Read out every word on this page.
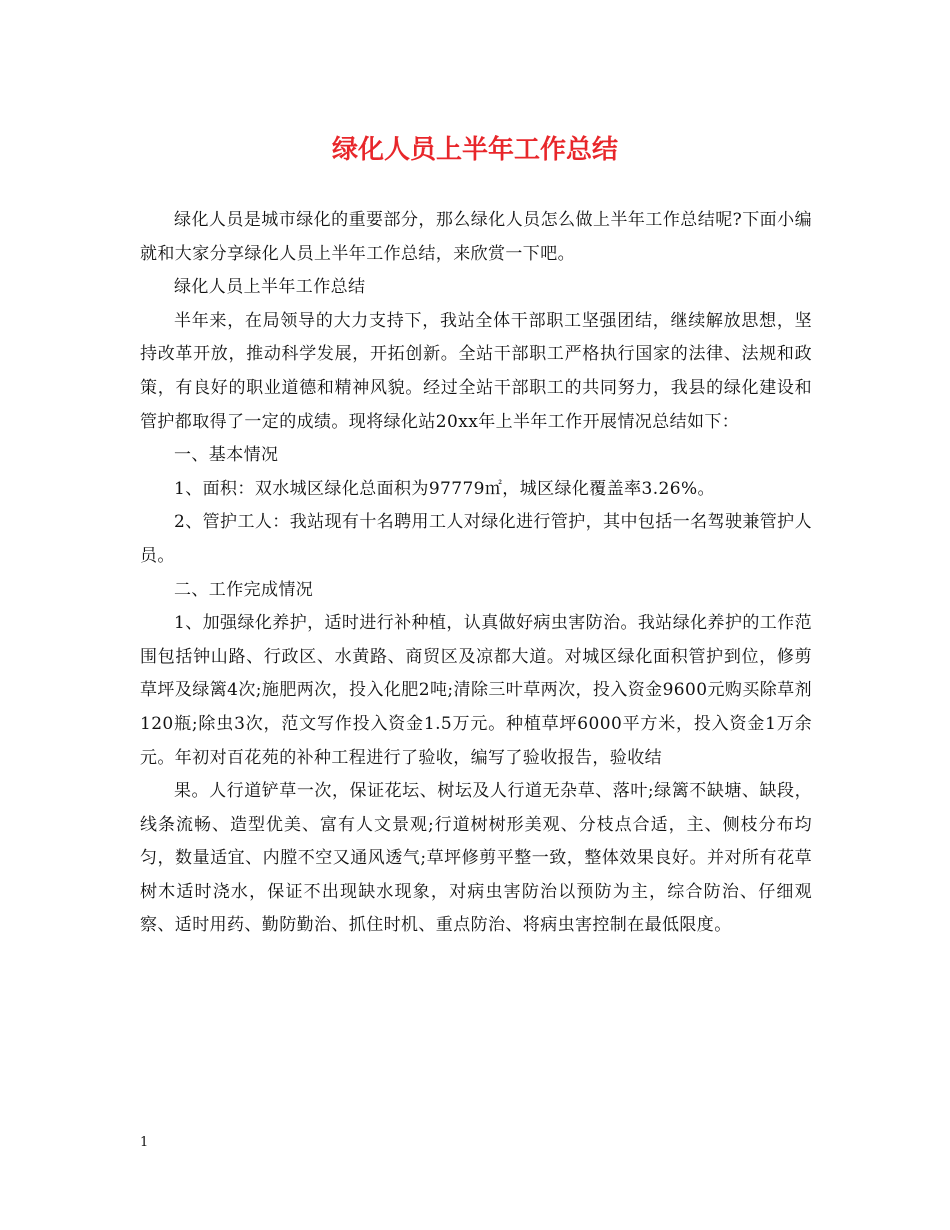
绿化人员上半年工作总结

绿化人员是城市绿化的重要部分，那么绿化人员怎么做上半年工作总结呢?下面小编就和大家分享绿化人员上半年工作总结，来欣赏一下吧。

绿化人员上半年工作总结

半年来，在局领导的大力支持下，我站全体干部职工坚强团结，继续解放思想，坚持改革开放，推动科学发展，开拓创新。全站干部职工严格执行国家的法律、法规和政策，有良好的职业道德和精神风貌。经过全站干部职工的共同努力，我县的绿化建设和管护都取得了一定的成绩。现将绿化站20xx年上半年工作开展情况总结如下：

一、基本情况

1、面积：双水城区绿化总面积为97779㎡，城区绿化覆盖率3.26%。

2、管护工人：我站现有十名聘用工人对绿化进行管护，其中包括一名驾驶兼管护人员。

二、工作完成情况

1、加强绿化养护，适时进行补种植，认真做好病虫害防治。我站绿化养护的工作范围包括钟山路、行政区、水黄路、商贸区及凉都大道。对城区绿化面积管护到位，修剪草坪及绿篱4次;施肥两次，投入化肥2吨;清除三叶草两次，投入资金9600元购买除草剂120瓶;除虫3次，范文写作投入资金1.5万元。种植草坪6000平方米，投入资金1万余元。年初对百花苑的补种工程进行了验收，编写了验收报告，验收结

果。人行道铲草一次，保证花坛、树坛及人行道无杂草、落叶;绿篱不缺塘、缺段，线条流畅、造型优美、富有人文景观;行道树树形美观、分枝点合适，主、侧枝分布均匀，数量适宜、内膛不空又通风透气;草坪修剪平整一致，整体效果良好。并对所有花草树木适时浇水，保证不出现缺水现象，对病虫害防治以预防为主，综合防治、仔细观察、适时用药、勤防勤治、抓住时机、重点防治、将病虫害控制在最低限度。

1
